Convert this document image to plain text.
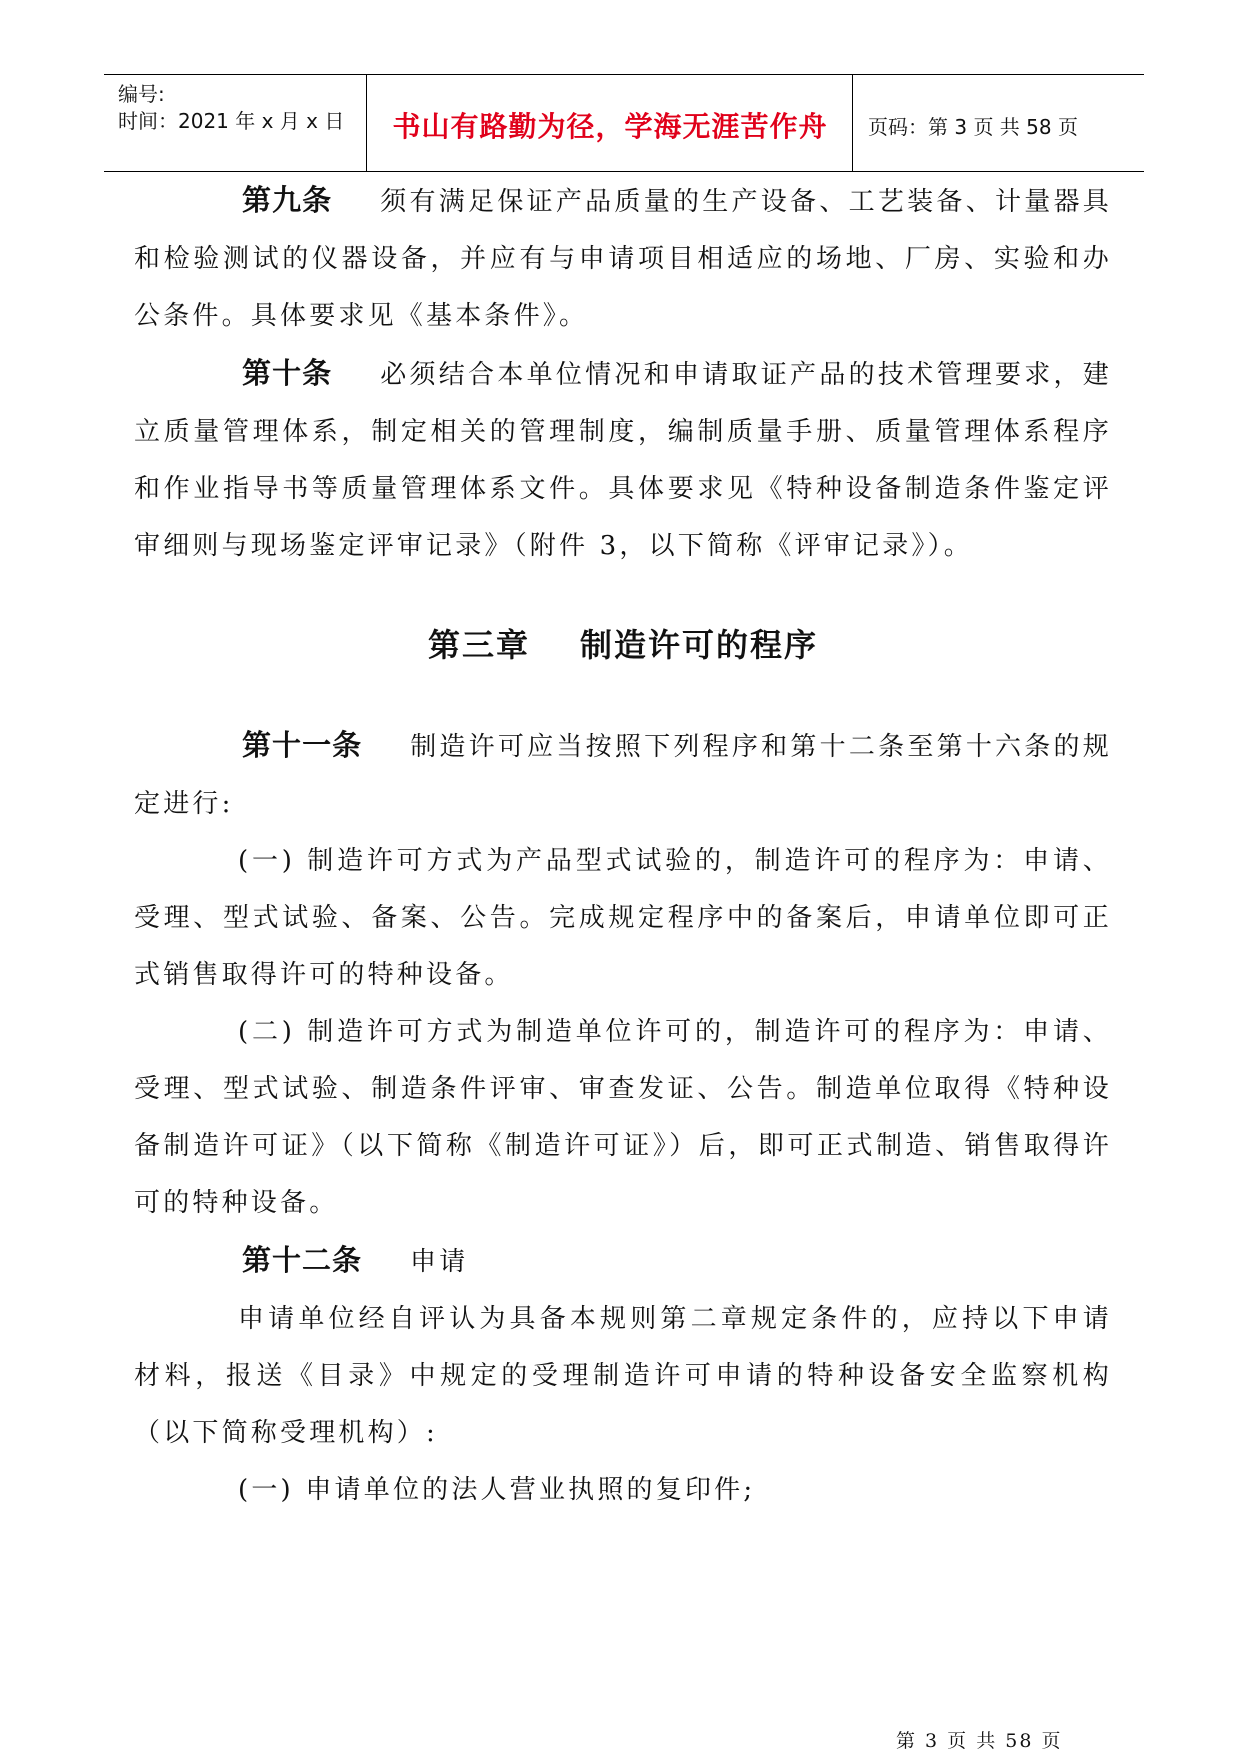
编号:
时间：2021 年 x 月 x 日	书山有路勤为径，学海无涯苦作舟	页码：第 3 页 共 58 页

第九条 须有满足保证产品质量的生产设备、工艺装备、计量器具和检验测试的仪器设备，并应有与申请项目相适应的场地、厂房、实验和办公条件。具体要求见《基本条件》。

第十条 必须结合本单位情况和申请取证产品的技术管理要求，建立质量管理体系，制定相关的管理制度，编制质量手册、质量管理体系程序和作业指导书等质量管理体系文件。具体要求见《特种设备制造条件鉴定评审细则与现场鉴定评审记录》（附件 3，以下简称《评审记录》）。

第三章 制造许可的程序

第十一条 制造许可应当按照下列程序和第十二条至第十六条的规定进行:

(一) 制造许可方式为产品型式试验的，制造许可的程序为：申请、受理、型式试验、备案、公告。完成规定程序中的备案后，申请单位即可正式销售取得许可的特种设备。

(二) 制造许可方式为制造单位许可的，制造许可的程序为：申请、受理、型式试验、制造条件评审、审查发证、公告。制造单位取得《特种设备制造许可证》（以下简称《制造许可证》）后，即可正式制造、销售取得许可的特种设备。

第十二条 申请

申请单位经自评认为具备本规则第二章规定条件的，应持以下申请材料，报送《目录》中规定的受理制造许可申请的特种设备安全监察机构（以下简称受理机构）:

(一) 申请单位的法人营业执照的复印件;

第 3 页 共 58 页
